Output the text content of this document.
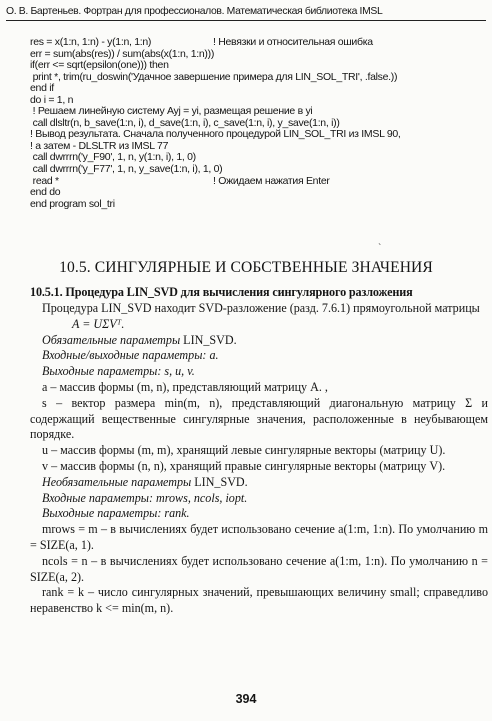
О. В. Бартеньев. Фортран для профессионалов. Математическая библиотека IMSL
res = x(1:n, 1:n) - y(1:n, 1:n)	! Невязки и относительная ошибка
err = sum(abs(res)) / sum(abs(x(1:n, 1:n)))
if(err <= sqrt(epsilon(one))) then
print *, trim(ru_doswin('Удачное завершение примера для LIN_SOL_TRI', .false.))
end if
do i = 1, n
! Решаем линейную систему Ayj = yi, размещая решение в yi
call dlsltr(n, b_save(1:n, i), d_save(1:n, i), c_save(1:n, i), y_save(1:n, i))
! Вывод результата. Сначала полученного процедурой LIN_SOL_TRI из IMSL 90,
! а затем - DLSLTR из IMSL 77
call dwrrrn('y_F90', 1, n, y(1:n, i), 1, 0)
call dwrrrn('y_F77', 1, n, y_save(1:n, i), 1, 0)
read *	! Ожидаем нажатия Enter
end do
end program sol_tri
ˋ
10.5. СИНГУЛЯРНЫЕ И СОБСТВЕННЫЕ ЗНАЧЕНИЯ
10.5.1. Процедура LIN_SVD для вычисления сингулярного разложения
Процедура LIN_SVD находит SVD-разложение (разд. 7.6.1) прямоугольной матрицы
A = UΣVᵀ.
Обязательные параметры LIN_SVD.
Входные/выходные параметры: a.
Выходные параметры: s, u, v.
a – массив формы (m, n), представляющий матрицу A. ,
s – вектор размера min(m, n), представляющий диагональную матрицу Σ и содержащий вещественные сингулярные значения, расположенные в неубывающем порядке.
u – массив формы (m, m), хранящий левые сингулярные векторы (матрицу U).
v – массив формы (n, n), хранящий правые сингулярные векторы (матрицу V).
Необязательные параметры LIN_SVD.
Входные параметры: mrows, ncols, iopt.
Выходные параметры: rank.
mrows = m – в вычислениях будет использовано сечение a(1:m, 1:n). По умолчанию m = SIZE(a, 1).
ncols = n – в вычислениях будет использовано сечение a(1:m, 1:n). По умолчанию n = SIZE(a, 2).
rank = k – число сингулярных значений, превышающих величину small; справедливо неравенство k <= min(m, n).
394
